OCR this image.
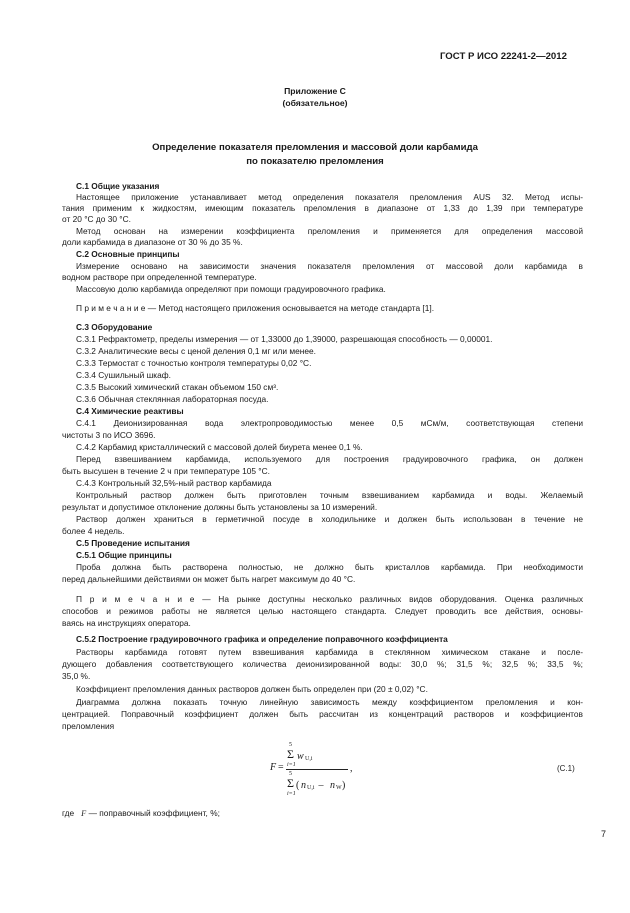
ГОСТ Р ИСО 22241-2—2012
Приложение С
(обязательное)
Определение показателя преломления и массовой доли карбамида
по показателю преломления
С.1 Общие указания
Настоящее приложение устанавливает метод определения показателя преломления AUS 32. Метод испы-
тания применим к жидкостям, имеющим показатель преломления в диапазоне от 1,33 до 1,39 при температуре
от 20 °С до 30 °С.
Метод основан на измерении коэффициента преломления и применяется для определения массовой
доли карбамида в диапазоне от 30 % до 35 %.
С.2 Основные принципы
Измерение основано на зависимости значения показателя преломления от массовой доли карбамида в
водном растворе при определенной температуре.
Массовую долю карбамида определяют при помощи градуировочного графика.
П р и м е ч а н и е — Метод настоящего приложения основывается на методе стандарта [1].
С.3 Оборудование
С.3.1 Рефрактометр, пределы измерения — от 1,33000 до 1,39000, разрешающая способность — 0,00001.
С.3.2 Аналитические весы с ценой деления 0,1 мг или менее.
С.3.3 Термостат с точностью контроля температуры 0,02 °С.
С.3.4 Сушильный шкаф.
С.3.5 Высокий химический стакан объемом 150 см³.
С.3.6 Обычная стеклянная лабораторная посуда.
С.4 Химические реактивы
С.4.1 Деионизированная вода электропроводимостью менее 0,5 мСм/м, соответствующая степени
чистоты 3 по ИСО 3696.
С.4.2 Карбамид кристаллический с массовой долей биурета менее 0,1 %.
Перед взвешиванием карбамида, используемого для построения градуировочного графика, он должен
быть высушен в течение 2 ч при температуре 105 °С.
С.4.3 Контрольный 32,5%-ный раствор карбамида
Контрольный раствор должен быть приготовлен точным взвешиванием карбамида и воды. Желаемый
результат и допустимое отклонение должны быть установлены за 10 измерений.
Раствор должен храниться в герметичной посуде в холодильнике и должен быть использован в течение не
более 4 недель.
С.5 Проведение испытания
С.5.1 Общие принципы
Проба должна быть растворена полностью, не должно быть кристаллов карбамида. При необходимости
перед дальнейшими действиями он может быть нагрет максимум до 40 °С.
П р и м е ч а н и е — На рынке доступны несколько различных видов оборудования. Оценка различных
способов и режимов работы не является целью настоящего стандарта. Следует проводить все действия, основы-
ваясь на инструкциях оператора.
С.5.2 Построение градуировочного графика и определение поправочного коэффициента
Растворы карбамида готовят путем взвешивания карбамида в стеклянном химическом стакане и после-
дующего добавления соответствующего количества деионизированной воды: 30,0 %; 31,5 %; 32,5 %; 33,5 %;
35,0 %.
Коэффициент преломления данных растворов должен быть определен при (20 ± 0,02) °С.
Диаграмма должна показать точную линейную зависимость между коэффициентом преломления и кон-
центрацией. Поправочный коэффициент должен быть рассчитан из концентраций растворов и коэффициентов
преломления
F =
5
Σ w U,i
i=1	,
5
Σ
i=1
( n U,i – n W )
(С.1)
где F — поправочный коэффициент, %;
7
